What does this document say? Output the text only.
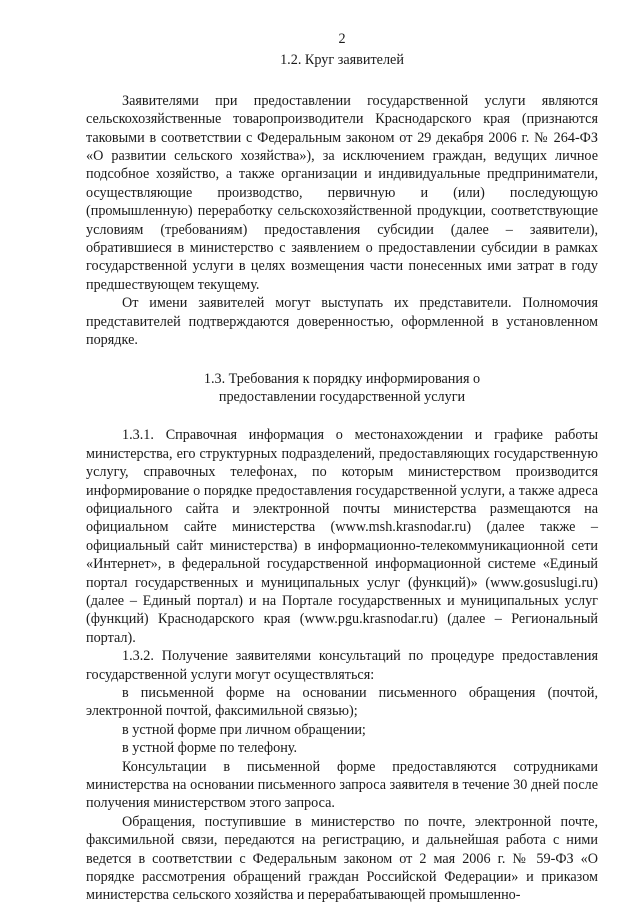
2
1.2. Круг заявителей

Заявителями при предоставлении государственной услуги являются сельскохозяйственные товаропроизводители Краснодарского края (признаются таковыми в соответствии с Федеральным законом от 29 декабря 2006 г. № 264-ФЗ «О развитии сельского хозяйства»), за исключением граждан, ведущих личное подсобное хозяйство, а также организации и индивидуальные предприниматели, осуществляющие производство, первичную и (или) последующую (промышленную) переработку сельскохозяйственной продукции, соответствующие условиям (требованиям) предоставления субсидии (далее – заявители), обратившиеся в министерство с заявлением о предоставлении субсидии в рамках государственной услуги в целях возмещения части понесенных ими затрат в году предшествующем текущему.

От имени заявителей могут выступать их представители. Полномочия представителей подтверждаются доверенностью, оформленной в установленном порядке.

1.3. Требования к порядку информирования о
предоставлении государственной услуги

1.3.1. Справочная информация о местонахождении и графике работы министерства, его структурных подразделений, предоставляющих государственную услугу, справочных телефонах, по которым министерством производится информирование о порядке предоставления государственной услуги, а также адреса официального сайта и электронной почты министерства размещаются на официальном сайте министерства (www.msh.krasnodar.ru) (далее также – официальный сайт министерства) в информационно-телекоммуникационной сети «Интернет», в федеральной государственной информационной системе «Единый портал государственных и муниципальных услуг (функций)» (www.gosuslugi.ru) (далее – Единый портал) и на Портале государственных и муниципальных услуг (функций) Краснодарского края (www.pgu.krasnodar.ru) (далее – Региональный портал).

1.3.2. Получение заявителями консультаций по процедуре предоставления государственной услуги могут осуществляться:

в письменной форме на основании письменного обращения (почтой, электронной почтой, факсимильной связью);

в устной форме при личном обращении;

в устной форме по телефону.

Консультации в письменной форме предоставляются сотрудниками министерства на основании письменного запроса заявителя в течение 30 дней после получения министерством этого запроса.

Обращения, поступившие в министерство по почте, электронной почте, факсимильной связи, передаются на регистрацию, и дальнейшая работа с ними ведется в соответствии с Федеральным законом от 2 мая 2006 г. № 59-ФЗ «О порядке рассмотрения обращений граждан Российской Федерации» и приказом министерства сельского хозяйства и перерабатывающей промышленно-
